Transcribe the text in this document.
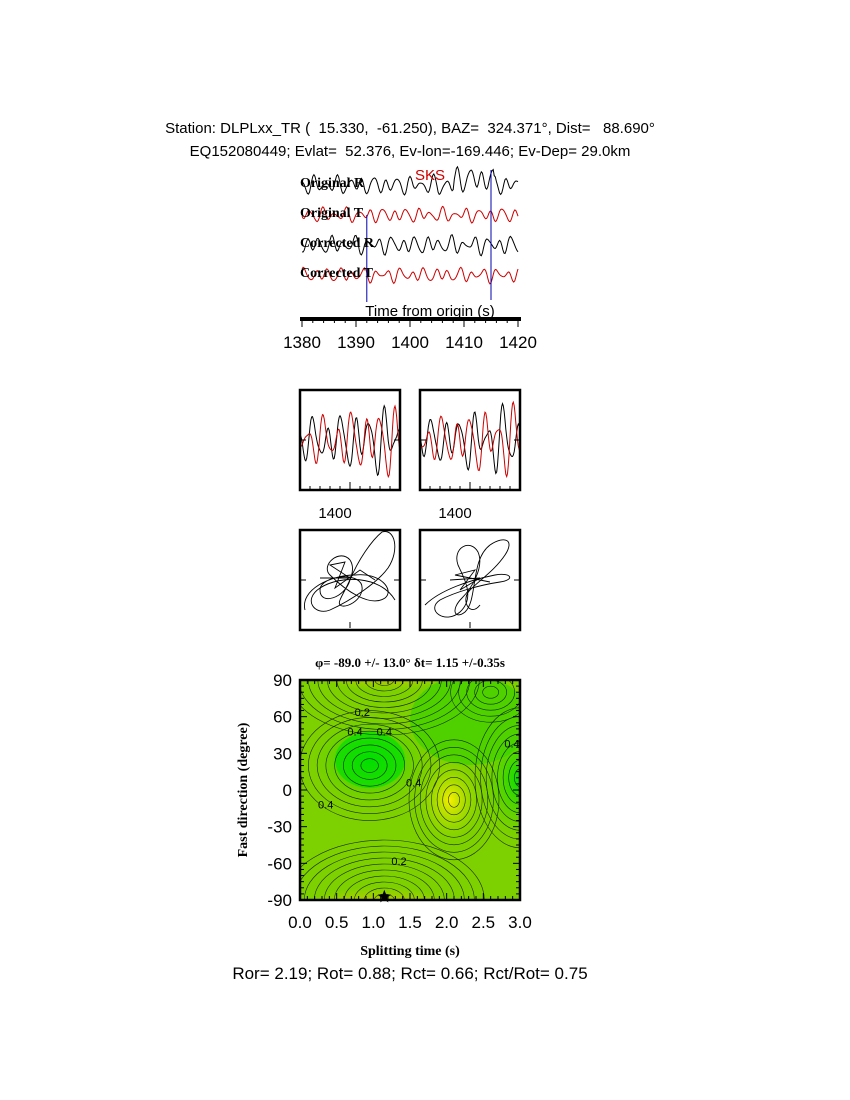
Station: DLPLxx_TR (  15.330,  -61.250), BAZ=  324.371°, Dist=   88.690°
EQ152080449; Evlat=  52.376, Ev-lon=-169.446; Ev-Dep= 29.0km
Original R
Original T
Corrected R
Corrected T
SKS
Time from origin (s)
1380 1390 1400 1410 1420
1400	1400
φ= -89.0 +/- 13.0° δt= 1.15 +/-0.35s
0.0 0.5 1.0 1.5 2.0 2.5 3.0
90
60
30
0
-30
-60
-90
0.2
0.4 0.4
0.4
0.4
0.4
0.2
Splitting time (s)
Fast direction (degree)
Ror= 2.19; Rot= 0.88; Rct= 0.66; Rct/Rot= 0.75
